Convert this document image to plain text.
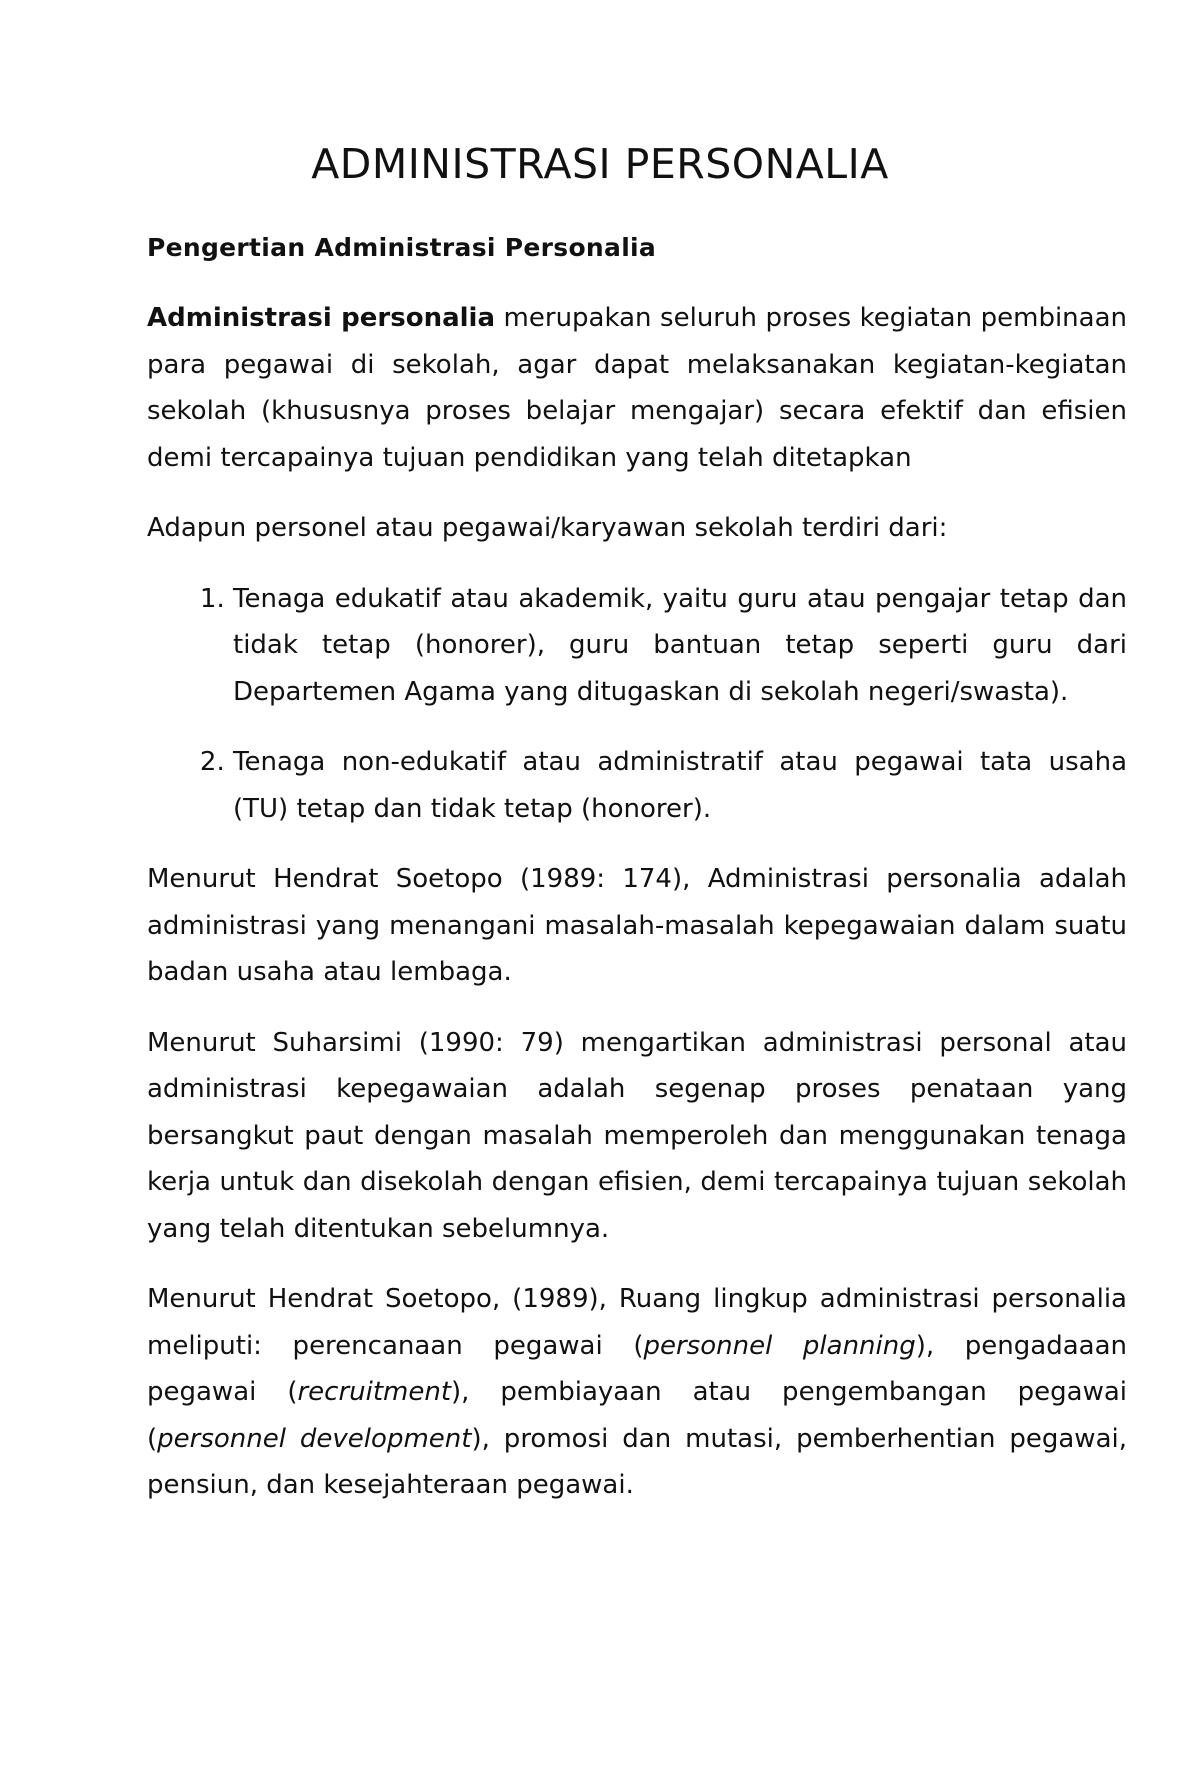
ADMINISTRASI PERSONALIA
Pengertian Administrasi Personalia

Administrasi personalia merupakan seluruh proses kegiatan pembinaan para pegawai di sekolah, agar dapat melaksanakan kegiatan-kegiatan sekolah (khususnya proses belajar mengajar) secara efektif dan efisien demi tercapainya tujuan pendidikan yang telah ditetapkan

Adapun personel atau pegawai/karyawan sekolah terdiri dari:

1. Tenaga edukatif atau akademik, yaitu guru atau pengajar tetap dan tidak tetap (honorer), guru bantuan tetap seperti guru dari Departemen Agama yang ditugaskan di sekolah negeri/swasta).
2. Tenaga non-edukatif atau administratif atau pegawai tata usaha (TU) tetap dan tidak tetap (honorer).

Menurut Hendrat Soetopo (1989: 174), Administrasi personalia adalah administrasi yang menangani masalah-masalah kepegawaian dalam suatu badan usaha atau lembaga.

Menurut Suharsimi (1990: 79) mengartikan administrasi personal atau administrasi kepegawaian adalah segenap proses penataan yang bersangkut paut dengan masalah memperoleh dan menggunakan tenaga kerja untuk dan disekolah dengan efisien, demi tercapainya tujuan sekolah yang telah ditentukan sebelumnya.

Menurut Hendrat Soetopo, (1989), Ruang lingkup administrasi personalia meliputi: perencanaan pegawai (personnel planning), pengadaaan pegawai (recruitment), pembiayaan atau pengembangan pegawai (personnel development), promosi dan mutasi, pemberhentian pegawai, pensiun, dan kesejahteraan pegawai.
